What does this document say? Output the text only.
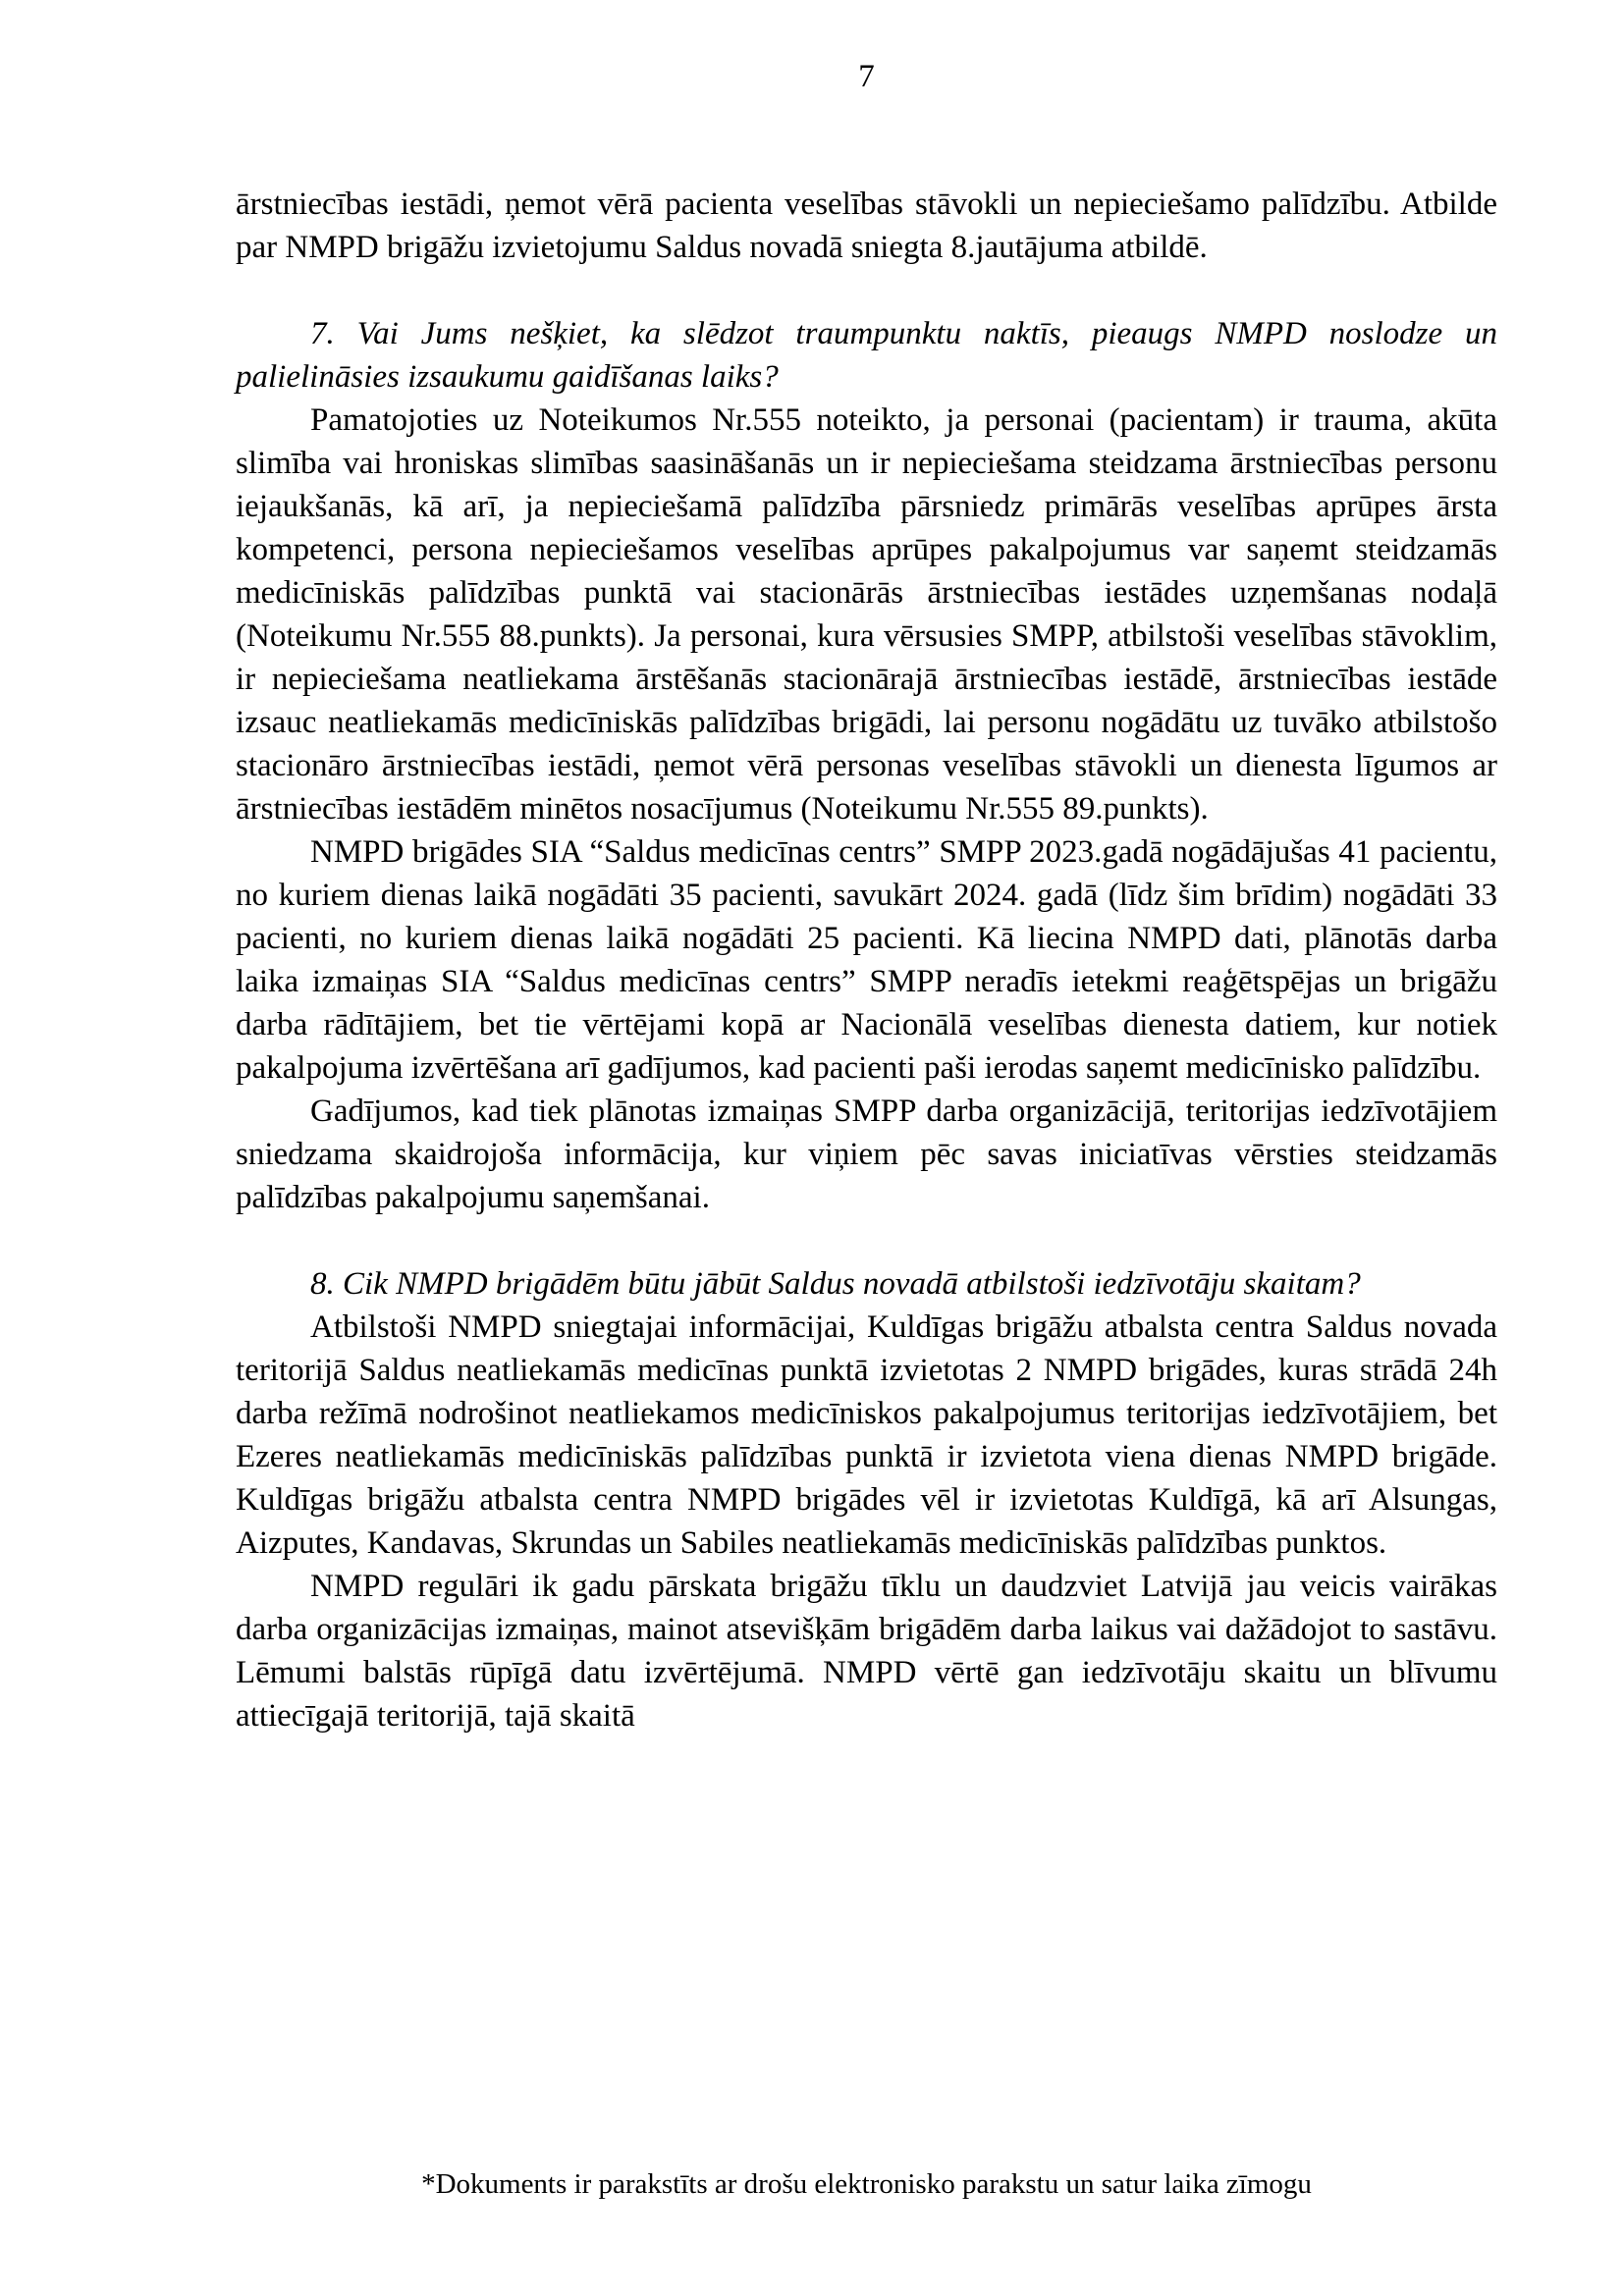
7

ārstniecības iestādi, ņemot vērā pacienta veselības stāvokli un nepieciešamo palīdzību. Atbilde par NMPD brigāžu izvietojumu Saldus novadā sniegta 8.jautājuma atbildē.

7. Vai Jums nešķiet, ka slēdzot traumpunktu naktīs, pieaugs NMPD noslodze un palielināsies izsaukumu gaidīšanas laiks?

Pamatojoties uz Noteikumos Nr.555 noteikto, ja personai (pacientam) ir trauma, akūta slimība vai hroniskas slimības saasināšanās un ir nepieciešama steidzama ārstniecības personu iejaukšanās, kā arī, ja nepieciešamā palīdzība pārsniedz primārās veselības aprūpes ārsta kompetenci, persona nepieciešamos veselības aprūpes pakalpojumus var saņemt steidzamās medicīniskās palīdzības punktā vai stacionārās ārstniecības iestādes uzņemšanas nodaļā (Noteikumu Nr.555 88.punkts). Ja personai, kura vērsusies SMPP, atbilstoši veselības stāvoklim, ir nepieciešama neatliekama ārstēšanās stacionārajā ārstniecības iestādē, ārstniecības iestāde izsauc neatliekamās medicīniskās palīdzības brigādi, lai personu nogādātu uz tuvāko atbilstošo stacionāro ārstniecības iestādi, ņemot vērā personas veselības stāvokli un dienesta līgumos ar ārstniecības iestādēm minētos nosacījumus (Noteikumu Nr.555 89.punkts).

NMPD brigādes SIA “Saldus medicīnas centrs” SMPP 2023.gadā nogādājušas 41 pacientu, no kuriem dienas laikā nogādāti 35 pacienti, savukārt 2024. gadā (līdz šim brīdim) nogādāti 33 pacienti, no kuriem dienas laikā nogādāti 25 pacienti. Kā liecina NMPD dati, plānotās darba laika izmaiņas SIA “Saldus medicīnas centrs” SMPP neradīs ietekmi reaģētspējas un brigāžu darba rādītājiem, bet tie vērtējami kopā ar Nacionālā veselības dienesta datiem, kur notiek pakalpojuma izvērtēšana arī gadījumos, kad pacienti paši ierodas saņemt medicīnisko palīdzību.

Gadījumos, kad tiek plānotas izmaiņas SMPP darba organizācijā, teritorijas iedzīvotājiem sniedzama skaidrojoša informācija, kur viņiem pēc savas iniciatīvas vērsties steidzamās palīdzības pakalpojumu saņemšanai.

8. Cik NMPD brigādēm būtu jābūt Saldus novadā atbilstoši iedzīvotāju skaitam?

Atbilstoši NMPD sniegtajai informācijai, Kuldīgas brigāžu atbalsta centra Saldus novada teritorijā Saldus neatliekamās medicīnas punktā izvietotas 2 NMPD brigādes, kuras strādā 24h darba režīmā nodrošinot neatliekamos medicīniskos pakalpojumus teritorijas iedzīvotājiem, bet Ezeres neatliekamās medicīniskās palīdzības punktā ir izvietota viena dienas NMPD brigāde. Kuldīgas brigāžu atbalsta centra NMPD brigādes vēl ir izvietotas Kuldīgā, kā arī Alsungas, Aizputes, Kandavas, Skrundas un Sabiles neatliekamās medicīniskās palīdzības punktos.

NMPD regulāri ik gadu pārskata brigāžu tīklu un daudzviet Latvijā jau veicis vairākas darba organizācijas izmaiņas, mainot atsevišķām brigādēm darba laikus vai dažādojot to sastāvu. Lēmumi balstās rūpīgā datu izvērtējumā. NMPD vērtē gan iedzīvotāju skaitu un blīvumu attiecīgajā teritorijā, tajā skaitā

*Dokuments ir parakstīts ar drošu elektronisko parakstu un satur laika zīmogu
